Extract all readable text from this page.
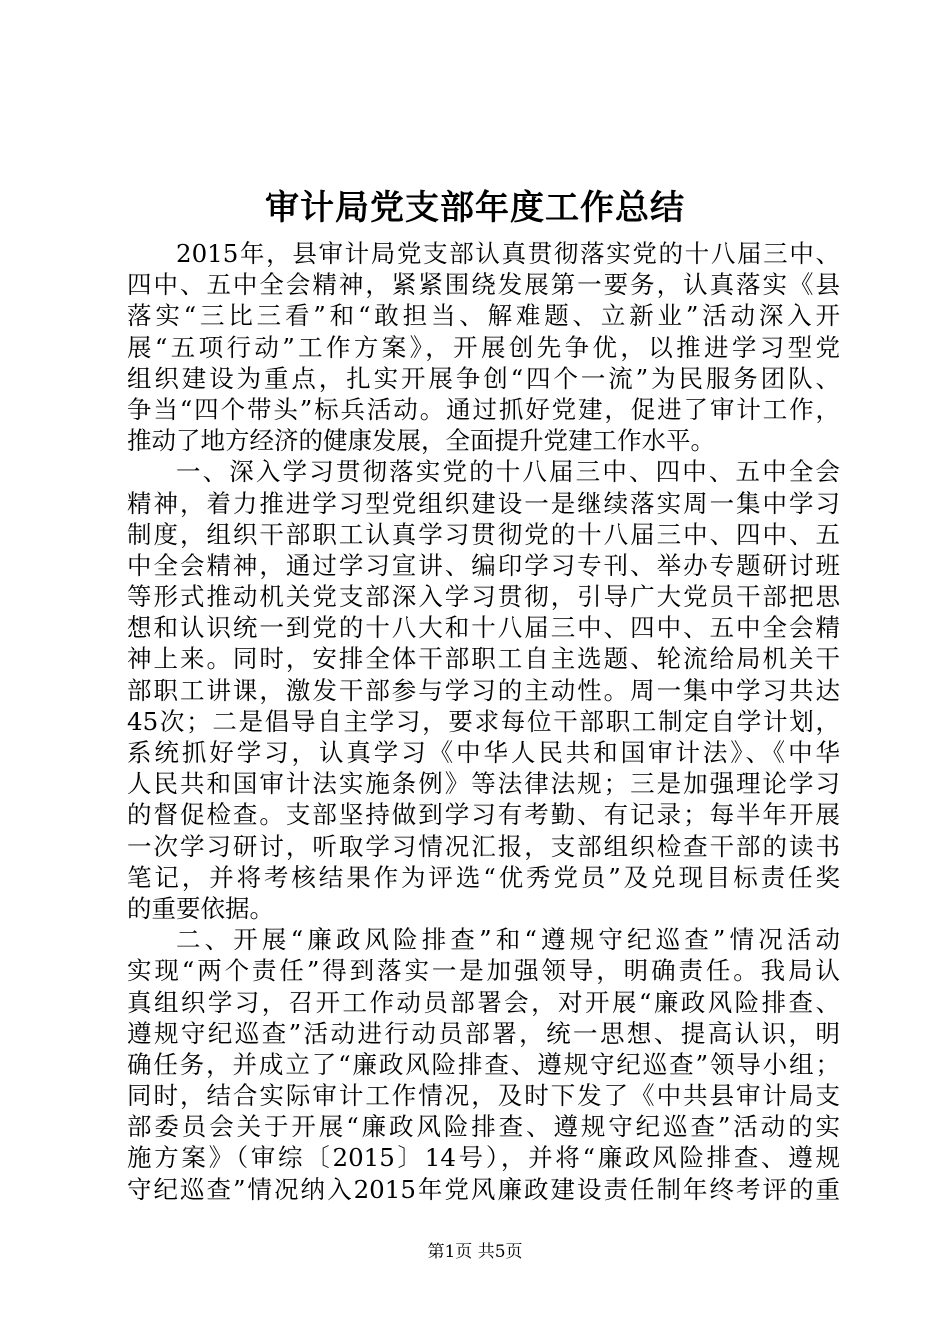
审计局党支部年度工作总结
2015年，县审计局党支部认真贯彻落实党的十八届三中、
四中、五中全会精神，紧紧围绕发展第一要务，认真落实《县
落实“三比三看”和“敢担当、解难题、立新业”活动深入开
展“五项行动”工作方案》，开展创先争优，以推进学习型党
组织建设为重点，扎实开展争创“四个一流”为民服务团队、
争当“四个带头”标兵活动。通过抓好党建，促进了审计工作，
推动了地方经济的健康发展，全面提升党建工作水平。
一、深入学习贯彻落实党的十八届三中、四中、五中全会
精神，着力推进学习型党组织建设一是继续落实周一集中学习
制度，组织干部职工认真学习贯彻党的十八届三中、四中、五
中全会精神，通过学习宣讲、编印学习专刊、举办专题研讨班
等形式推动机关党支部深入学习贯彻，引导广大党员干部把思
想和认识统一到党的十八大和十八届三中、四中、五中全会精
神上来。同时，安排全体干部职工自主选题、轮流给局机关干
部职工讲课，激发干部参与学习的主动性。周一集中学习共达
45次；二是倡导自主学习，要求每位干部职工制定自学计划，
系统抓好学习，认真学习《中华人民共和国审计法》、《中华
人民共和国审计法实施条例》等法律法规；三是加强理论学习
的督促检查。支部坚持做到学习有考勤、有记录；每半年开展
一次学习研讨，听取学习情况汇报，支部组织检查干部的读书
笔记，并将考核结果作为评选“优秀党员”及兑现目标责任奖
的重要依据。
二、开展“廉政风险排查”和“遵规守纪巡查”情况活动
实现“两个责任”得到落实一是加强领导，明确责任。我局认
真组织学习，召开工作动员部署会，对开展“廉政风险排查、
遵规守纪巡查”活动进行动员部署，统一思想、提高认识，明
确任务，并成立了“廉政风险排查、遵规守纪巡查”领导小组；
同时，结合实际审计工作情况，及时下发了《中共县审计局支
部委员会关于开展“廉政风险排查、遵规守纪巡查”活动的实
施方案》（审综〔2015〕14号），并将“廉政风险排查、遵规
守纪巡查”情况纳入2015年党风廉政建设责任制年终考评的重
第1页 共5页
